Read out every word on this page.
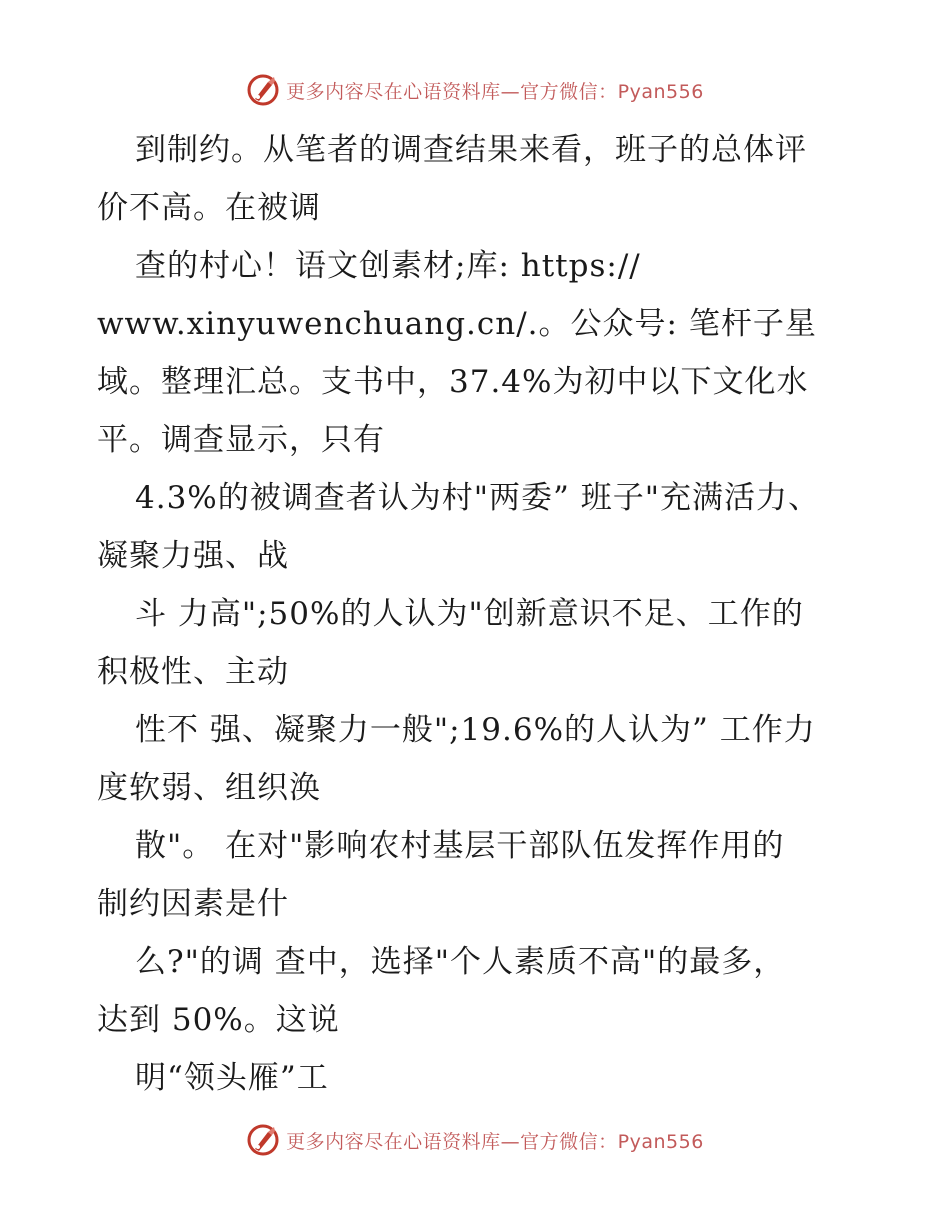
更多内容尽在心语资料库—官方微信：Pyan556
到制约。从笔者的调查结果来看，班子的总体评
价不高。在被调
查的村心！语文创素材;库: https://
www.xinyuwenchuang.cn/.。公众号: 笔杆子星
域。整理汇总。支书中，37.4%为初中以下文化水
平。调查显示，只有
4.3%的被调查者认为村"两委” 班子"充满活力、
凝聚力强、战
斗 力高";50%的人认为"创新意识不足、工作的
积极性、主动
性不 强、凝聚力一般";19.6%的人认为” 工作力
度软弱、组织涣
散"。 在对"影响农村基层干部队伍发挥作用的
制约因素是什
么?"的调 查中，选择"个人素质不高"的最多，
达到 50%。这说
明“领头雁”工
更多内容尽在心语资料库—官方微信：Pyan556
